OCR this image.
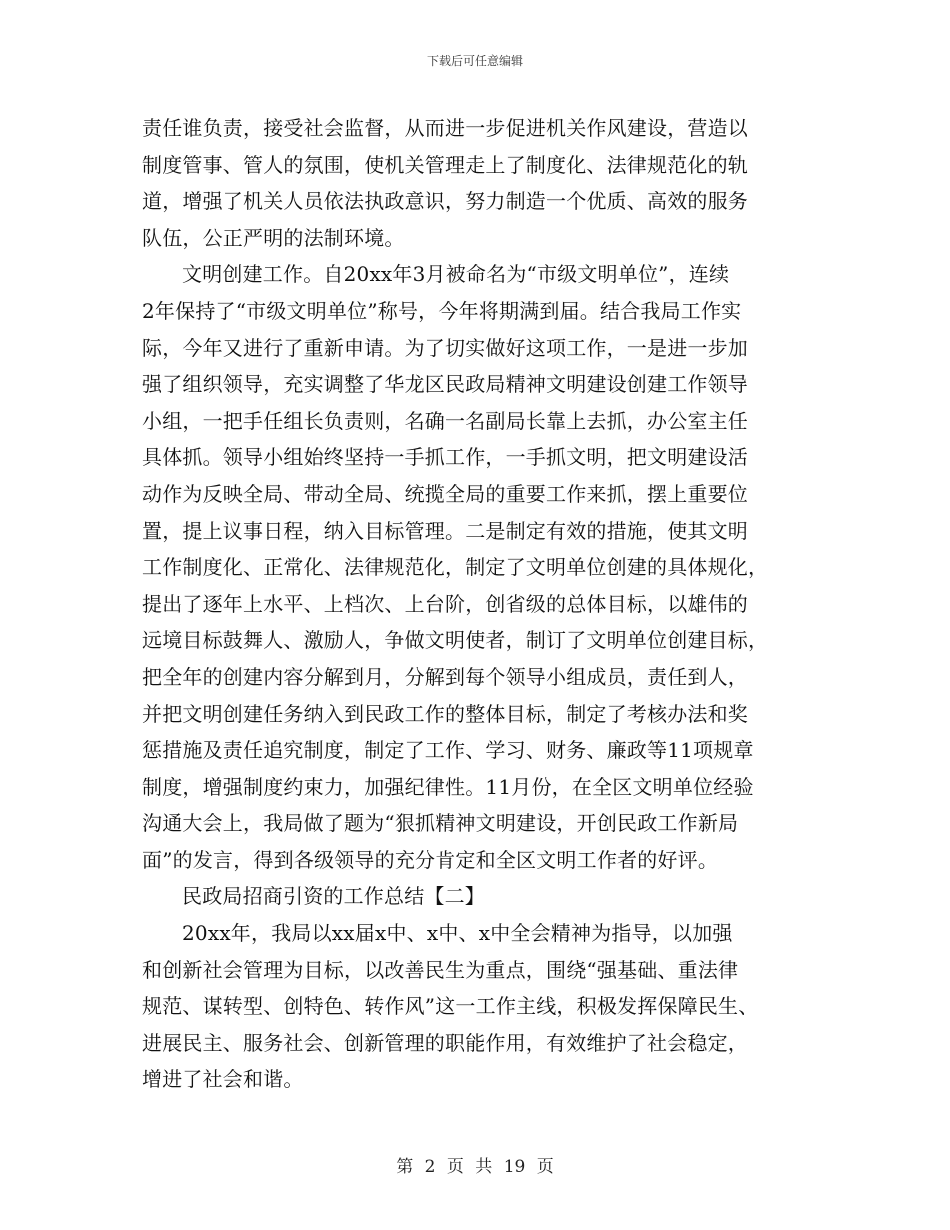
下载后可任意编辑

责任谁负责，接受社会监督，从而进一步促进机关作风建设，营造以
制度管事、管人的氛围，使机关管理走上了制度化、法律规范化的轨
道，增强了机关人员依法执政意识，努力制造一个优质、高效的服务
队伍，公正严明的法制环境。

文明创建工作。自20xx年3月被命名为“市级文明单位”，连续
2年保持了“市级文明单位”称号，今年将期满到届。结合我局工作实
际，今年又进行了重新申请。为了切实做好这项工作，一是进一步加
强了组织领导，充实调整了华龙区民政局精神文明建设创建工作领导
小组，一把手任组长负责则，名确一名副局长靠上去抓，办公室主任
具体抓。领导小组始终坚持一手抓工作，一手抓文明，把文明建设活
动作为反映全局、带动全局、统揽全局的重要工作来抓，摆上重要位
置，提上议事日程，纳入目标管理。二是制定有效的措施，使其文明
工作制度化、正常化、法律规范化，制定了文明单位创建的具体规化，
提出了逐年上水平、上档次、上台阶，创省级的总体目标，以雄伟的
远境目标鼓舞人、激励人，争做文明使者，制订了文明单位创建目标，
把全年的创建内容分解到月，分解到每个领导小组成员，责任到人，
并把文明创建任务纳入到民政工作的整体目标，制定了考核办法和奖
惩措施及责任追究制度，制定了工作、学习、财务、廉政等11项规章
制度，增强制度约束力，加强纪律性。11月份，在全区文明单位经验
沟通大会上，我局做了题为“狠抓精神文明建设，开创民政工作新局
面”的发言，得到各级领导的充分肯定和全区文明工作者的好评。

民政局招商引资的工作总结【二】

20xx年，我局以xx届x中、x中、x中全会精神为指导，以加强
和创新社会管理为目标，以改善民生为重点，围绕“强基础、重法律
规范、谋转型、创特色、转作风”这一工作主线，积极发挥保障民生、
进展民主、服务社会、创新管理的职能作用，有效维护了社会稳定，
增进了社会和谐。

第 2 页 共 19 页
